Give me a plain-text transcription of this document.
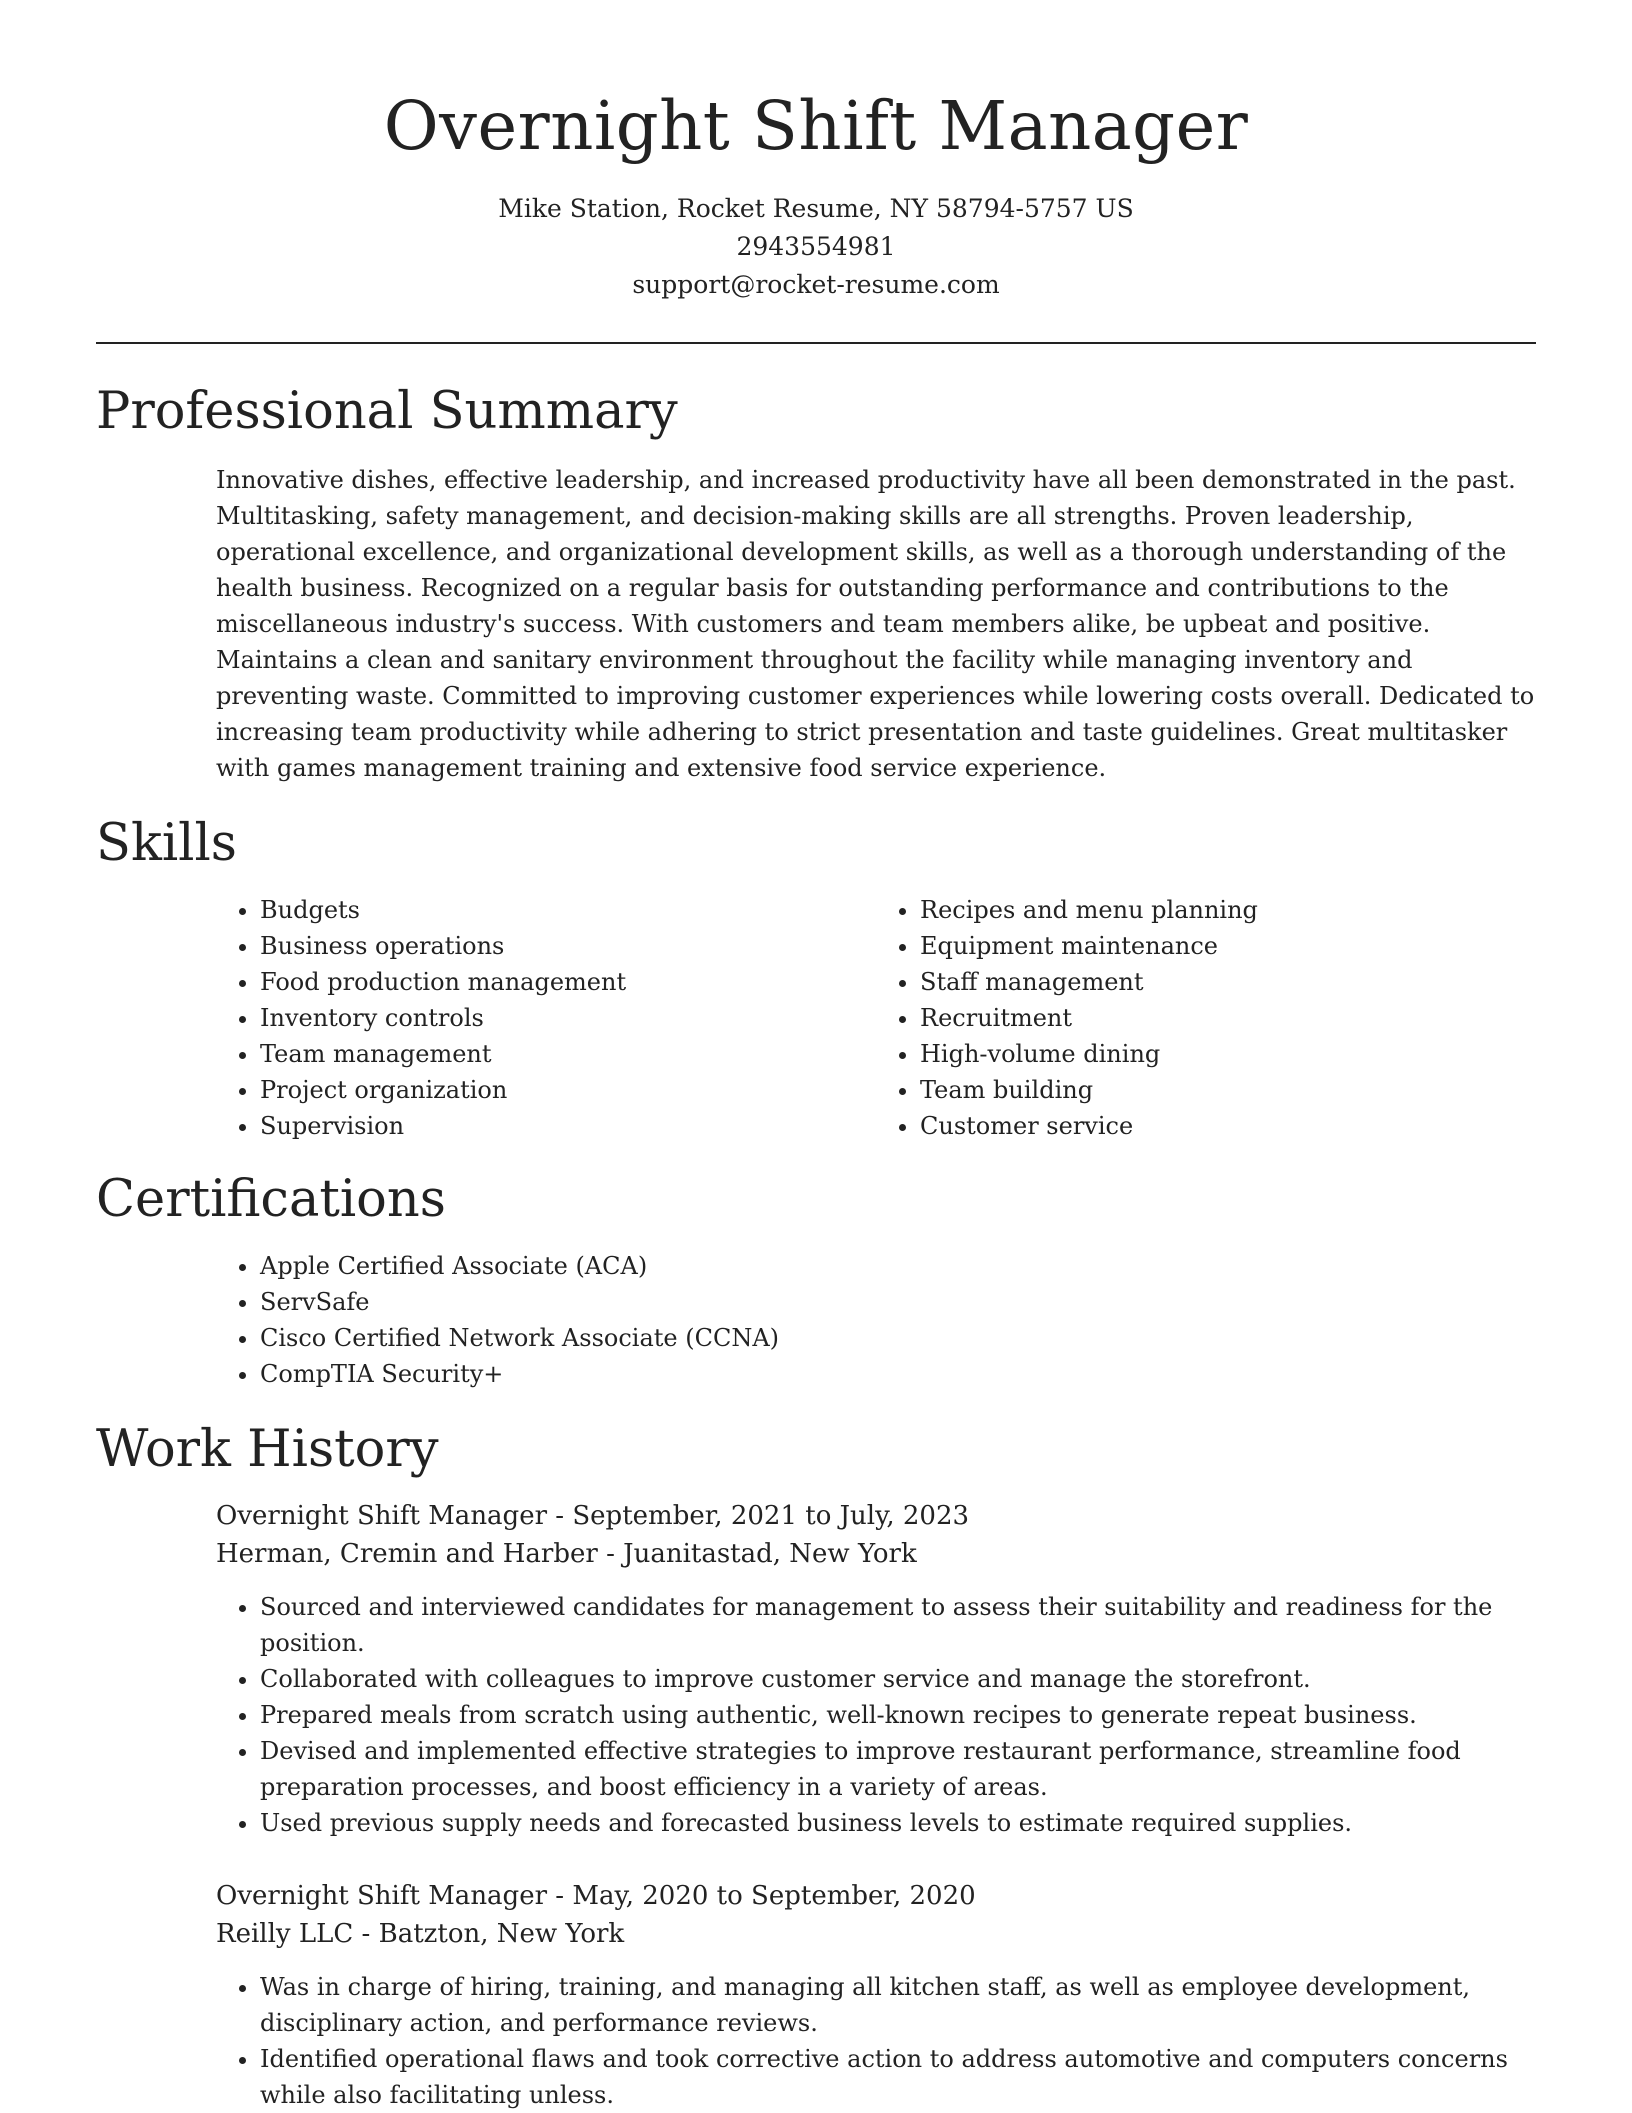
Overnight Shift Manager
Mike Station, Rocket Resume, NY 58794-5757 US
2943554981
support@rocket-resume.com
Professional Summary
Innovative dishes, effective leadership, and increased productivity have all been demonstrated in the past. Multitasking, safety management, and decision-making skills are all strengths. Proven leadership, operational excellence, and organizational development skills, as well as a thorough understanding of the health business. Recognized on a regular basis for outstanding performance and contributions to the miscellaneous industry's success. With customers and team members alike, be upbeat and positive. Maintains a clean and sanitary environment throughout the facility while managing inventory and preventing waste. Committed to improving customer experiences while lowering costs overall. Dedicated to increasing team productivity while adhering to strict presentation and taste guidelines. Great multitasker with games management training and extensive food service experience.
Skills
• Budgets
• Business operations
• Food production management
• Inventory controls
• Team management
• Project organization
• Supervision
• Recipes and menu planning
• Equipment maintenance
• Staff management
• Recruitment
• High-volume dining
• Team building
• Customer service
Certifications
• Apple Certified Associate (ACA)
• ServSafe
• Cisco Certified Network Associate (CCNA)
• CompTIA Security+
Work History
Overnight Shift Manager - September, 2021 to July, 2023
Herman, Cremin and Harber - Juanitastad, New York
• Sourced and interviewed candidates for management to assess their suitability and readiness for the position.
• Collaborated with colleagues to improve customer service and manage the storefront.
• Prepared meals from scratch using authentic, well-known recipes to generate repeat business.
• Devised and implemented effective strategies to improve restaurant performance, streamline food preparation processes, and boost efficiency in a variety of areas.
• Used previous supply needs and forecasted business levels to estimate required supplies.
Overnight Shift Manager - May, 2020 to September, 2020
Reilly LLC - Batzton, New York
• Was in charge of hiring, training, and managing all kitchen staff, as well as employee development, disciplinary action, and performance reviews.
• Identified operational flaws and took corrective action to address automotive and computers concerns while also facilitating unless.
